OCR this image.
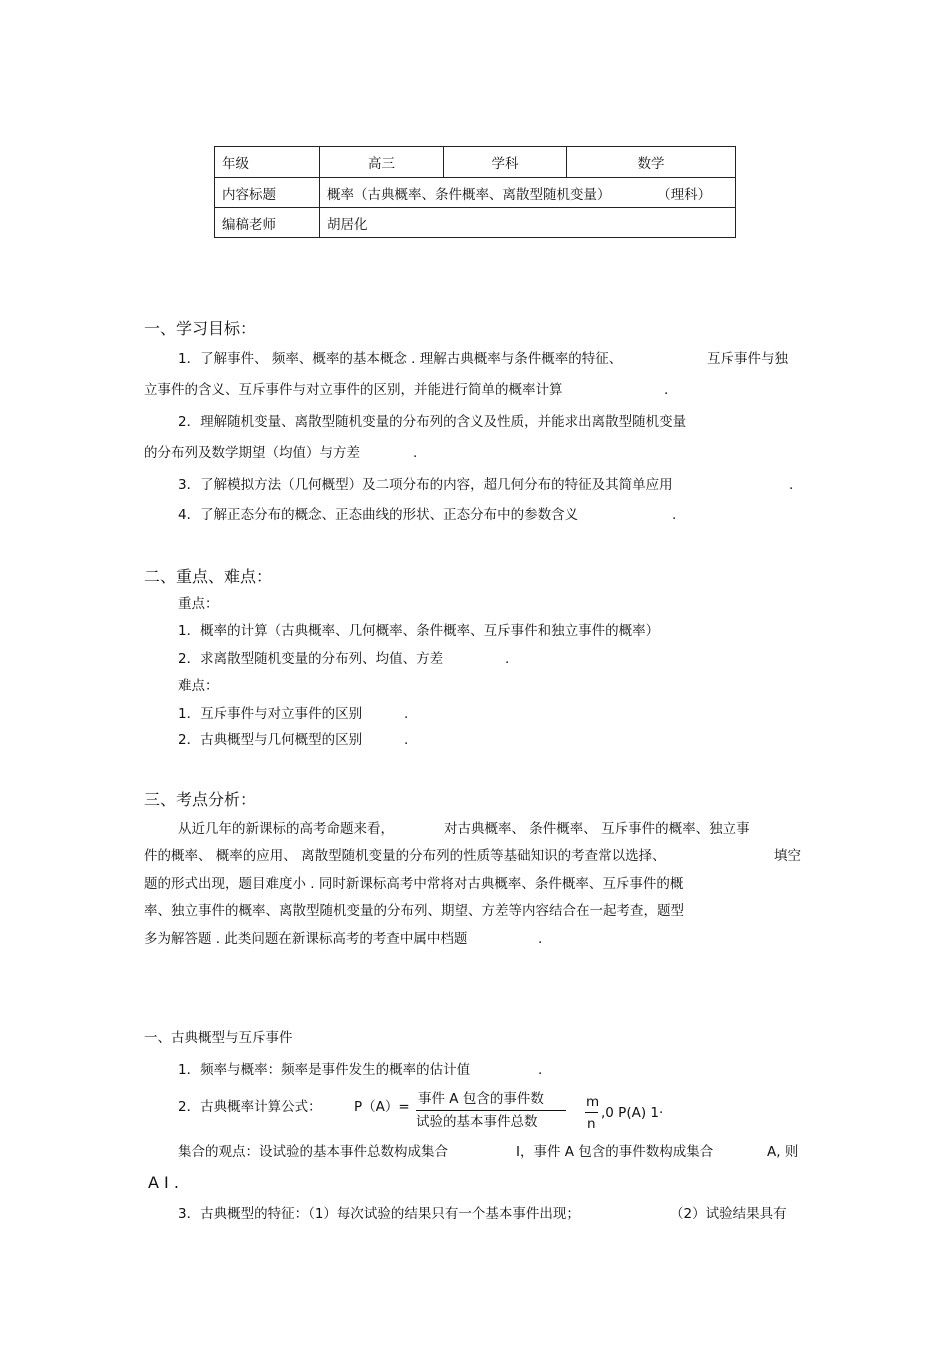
年级	高三	学科	数学
内容标题	概率（古典概率、条件概率、离散型随机变量） （理科）		
编稿老师	胡居化		
一、学习目标：
1．了解事件、 频率、概率的基本概念 . 理解古典概率与条件概率的特征、	互斥事件与独
立事件的含义、互斥事件与对立事件的区别，并能进行简单的概率计算	.
2．理解随机变量、离散型随机变量的分布列的含义及性质，并能求出离散型随机变量
的分布列及数学期望（均值）与方差	.
3．了解模拟方法（几何概型）及二项分布的内容，超几何分布的特征及其简单应用	.
4．了解正态分布的概念、正态曲线的形状、正态分布中的参数含义	.
二、重点、难点：
重点：
1．概率的计算（古典概率、几何概率、条件概率、互斥事件和独立事件的概率）
2．求离散型随机变量的分布列、均值、方差	.
难点：
1．互斥事件与对立事件的区别	.
2．古典概型与几何概型的区别	.
三、考点分析：
从近几年的新课标的高考命题来看，	对古典概率、 条件概率、 互斥事件的概率、独立事
件的概率、 概率的应用、 离散型随机变量的分布列的性质等基础知识的考查常以选择、	填空
题的形式出现，题目难度小 . 同时新课标高考中常将对古典概率、条件概率、互斥事件的概
率、独立事件的概率、离散型随机变量的分布列、期望、方差等内容结合在一起考查，题型
多为解答题 . 此类问题在新课标高考的考查中属中档题	.
一、古典概型与互斥事件
1．频率与概率：频率是事件发生的概率的估计值	.
2．古典概率计算公式： P（A）= 事件 A 包含的事件数
试验的基本事件总数
m
n
,0 P(A) 1·
集合的观点：设试验的基本事件总数构成集合	I，事件 A 包含的事件数构成集合	A, 则
A I .
3．古典概型的特征：（1）每次试验的结果只有一个基本事件出现；	（2）试验结果具有
